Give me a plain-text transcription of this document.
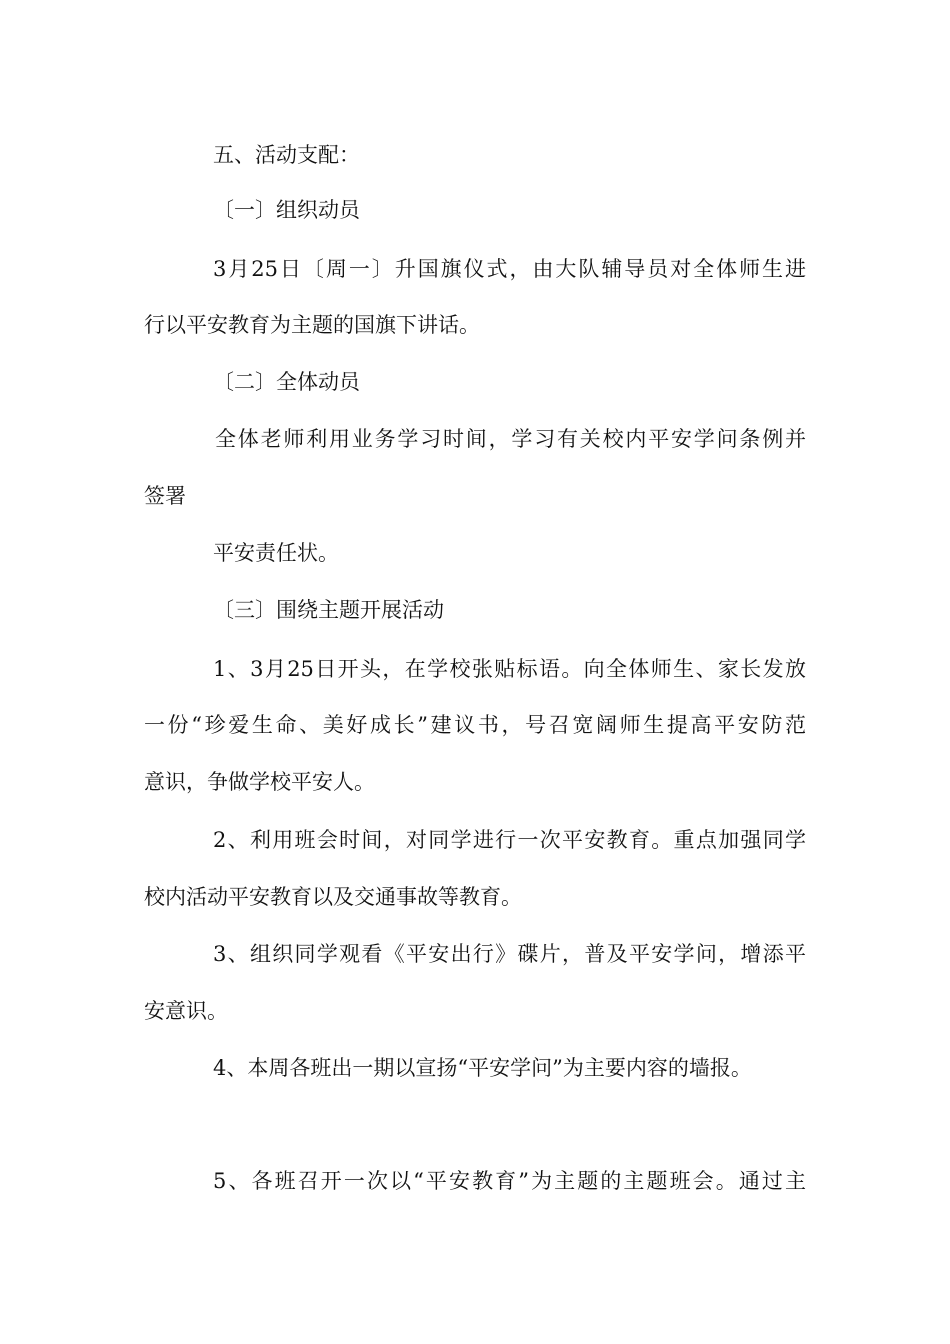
五、活动支配：
〔一〕组织动员
3月25日〔周一〕升国旗仪式，由大队辅导员对全体师生进
行以平安教育为主题的国旗下讲话。
〔二〕全体动员
全体老师利用业务学习时间，学习有关校内平安学问条例并
签署
平安责任状。
〔三〕围绕主题开展活动
1、3月25日开头，在学校张贴标语。向全体师生、家长发放
一份“珍爱生命、美好成长”建议书，号召宽阔师生提高平安防范
意识，争做学校平安人。
2、利用班会时间，对同学进行一次平安教育。重点加强同学
校内活动平安教育以及交通事故等教育。
3、组织同学观看《平安出行》碟片，普及平安学问，增添平
安意识。
4、本周各班出一期以宣扬“平安学问”为主要内容的墙报。
5、各班召开一次以“平安教育”为主题的主题班会。通过主
